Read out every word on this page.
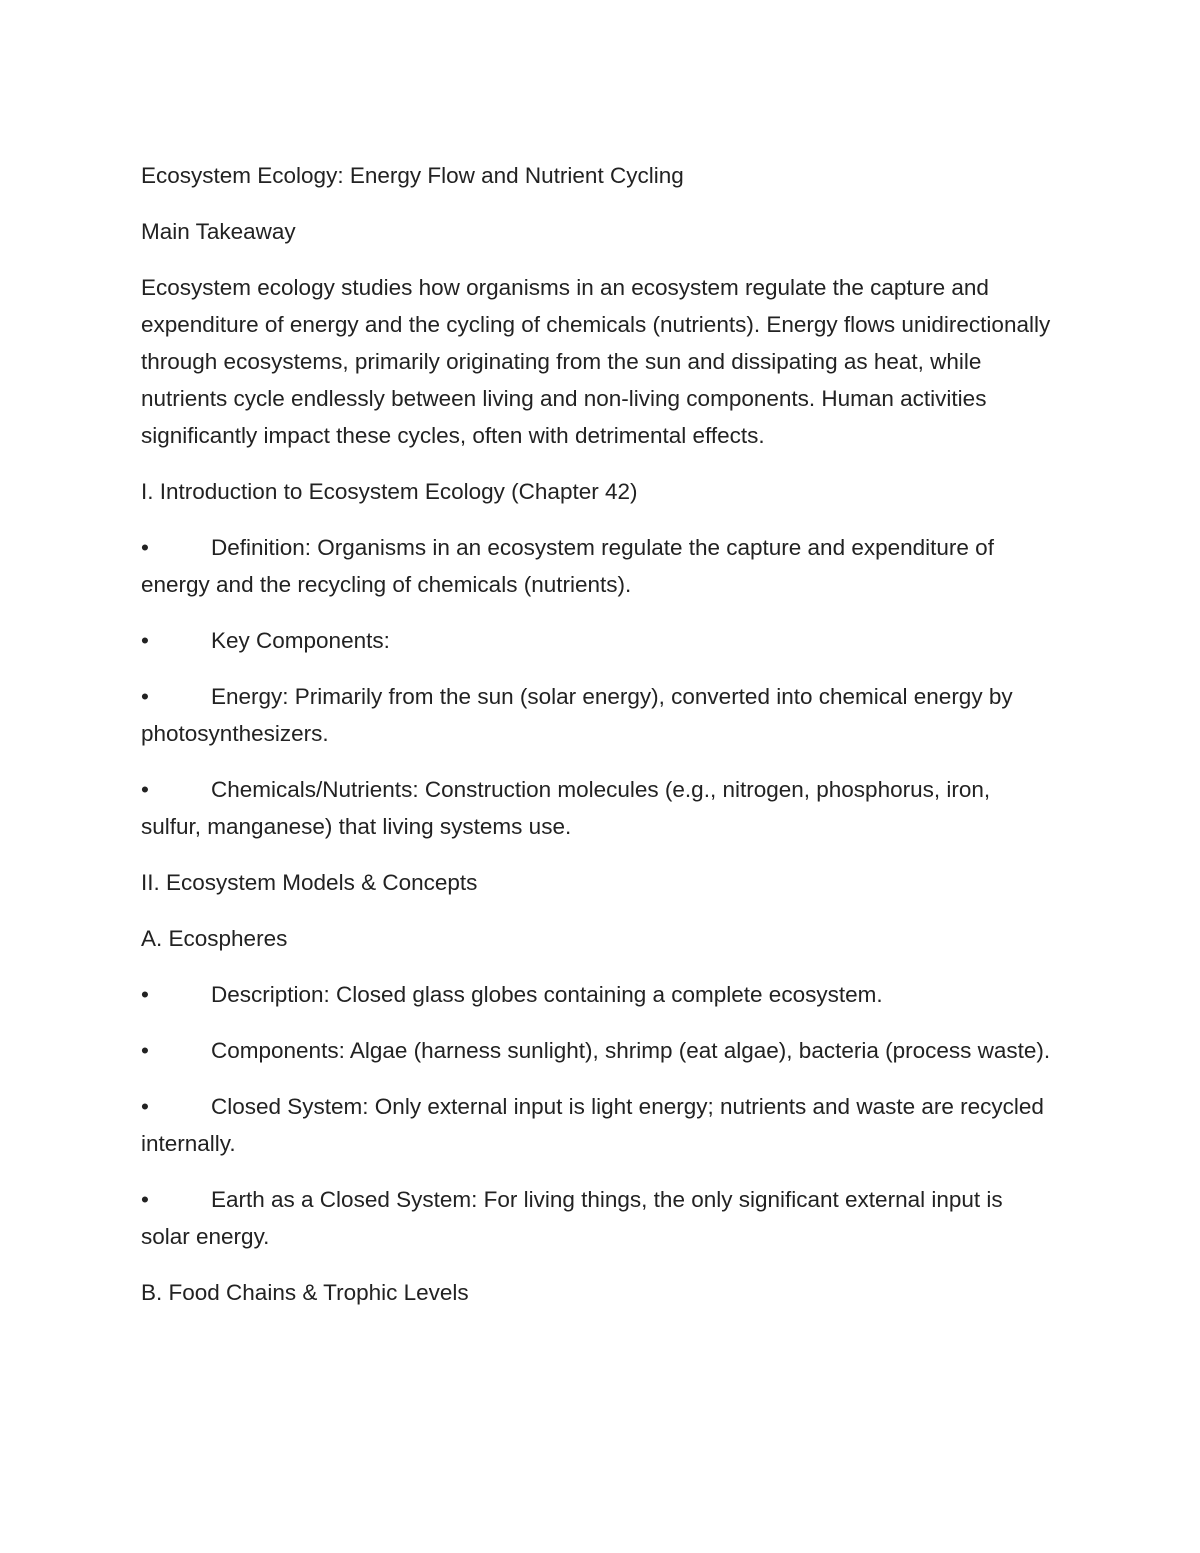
Ecosystem Ecology: Energy Flow and Nutrient Cycling

Main Takeaway

Ecosystem ecology studies how organisms in an ecosystem regulate the capture and expenditure of energy and the cycling of chemicals (nutrients). Energy flows unidirectionally through ecosystems, primarily originating from the sun and dissipating as heat, while nutrients cycle endlessly between living and non-living components. Human activities significantly impact these cycles, often with detrimental effects.

I. Introduction to Ecosystem Ecology (Chapter 42)

•	Definition: Organisms in an ecosystem regulate the capture and expenditure of energy and the recycling of chemicals (nutrients).

•	Key Components:

•	Energy: Primarily from the sun (solar energy), converted into chemical energy by photosynthesizers.

•	Chemicals/Nutrients: Construction molecules (e.g., nitrogen, phosphorus, iron, sulfur, manganese) that living systems use.

II. Ecosystem Models & Concepts

A. Ecospheres

•	Description: Closed glass globes containing a complete ecosystem.

•	Components: Algae (harness sunlight), shrimp (eat algae), bacteria (process waste).

•	Closed System: Only external input is light energy; nutrients and waste are recycled internally.

•	Earth as a Closed System: For living things, the only significant external input is solar energy.

B. Food Chains & Trophic Levels
